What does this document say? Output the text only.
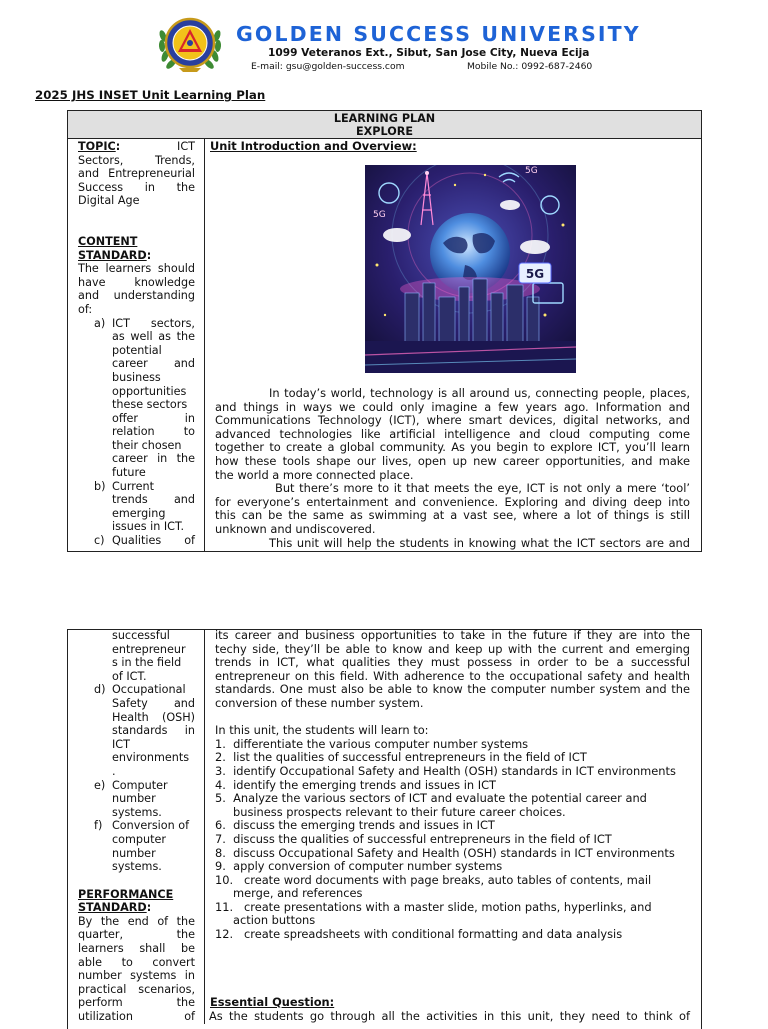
GOLDEN SUCCESS UNIVERSITY
1099 Veteranos Ext., Sibut, San Jose City, Nueva Ecija
E-mail: gsu@golden-success.com	Mobile No.: 0992-687-2460
2025 JHS INSET Unit Learning Plan
LEARNING PLAN
EXPLORE
TOPIC:	ICT
Sectors, Trends,
and Entrepreneurial
Success in the
Digital Age
CONTENT
STANDARD:
The learners should
have knowledge
and understanding
of:
a) ICT sectors,
as well as the
potential
career and
business
opportunities
these sectors
offer in
relation to
their chosen
career in the
future
b) Current
trends and
emerging
issues in ICT.
c) Qualities of
Unit Introduction and Overview:
5G
5G
5G
In today’s world, technology is all around us, connecting people, places,
and things in ways we could only imagine a few years ago. Information and
Communications Technology (ICT), where smart devices, digital networks, and
advanced technologies like artificial intelligence and cloud computing come
together to create a global community. As you begin to explore ICT, you’ll learn
how these tools shape our lives, open up new career opportunities, and make
the world a more connected place.
But there’s more to it that meets the eye, ICT is not only a mere ‘tool’
for everyone’s entertainment and convenience. Exploring and diving deep into
this can be the same as swimming at a vast see, where a lot of things is still
unknown and undiscovered.
This unit will help the students in knowing what the ICT sectors are and
successful
entrepreneur
s in the field
of ICT.
d) Occupational
Safety and
Health (OSH)
standards in
ICT
environments
.
e) Computer
number
systems.
f) Conversion of
computer
number
systems.
PERFORMANCE
STANDARD:
By the end of the
quarter, the
learners shall be
able to convert
number systems in
practical scenarios,
perform the
utilization of
its career and business opportunities to take in the future if they are into the
techy side, they’ll be able to know and keep up with the current and emerging
trends in ICT, what qualities they must possess in order to be a successful
entrepreneur on this field. With adherence to the occupational safety and health
standards. One must also be able to know the computer number system and the
conversion of these number system.
In this unit, the students will learn to:
1. differentiate the various computer number systems
2. list the qualities of successful entrepreneurs in the field of ICT
3. identify Occupational Safety and Health (OSH) standards in ICT environments
4. identify the emerging trends and issues in ICT
5. Analyze the various sectors of ICT and evaluate the potential career and
business prospects relevant to their future career choices.
6. discuss the emerging trends and issues in ICT
7. discuss the qualities of successful entrepreneurs in the field of ICT
8. discuss Occupational Safety and Health (OSH) standards in ICT environments
9. apply conversion of computer number systems
10. create word documents with page breaks, auto tables of contents, mail
merge, and references
11. create presentations with a master slide, motion paths, hyperlinks, and
action buttons
12. create spreadsheets with conditional formatting and data analysis
Essential Question:
As the students go through all the activities in this unit, they need to think of
